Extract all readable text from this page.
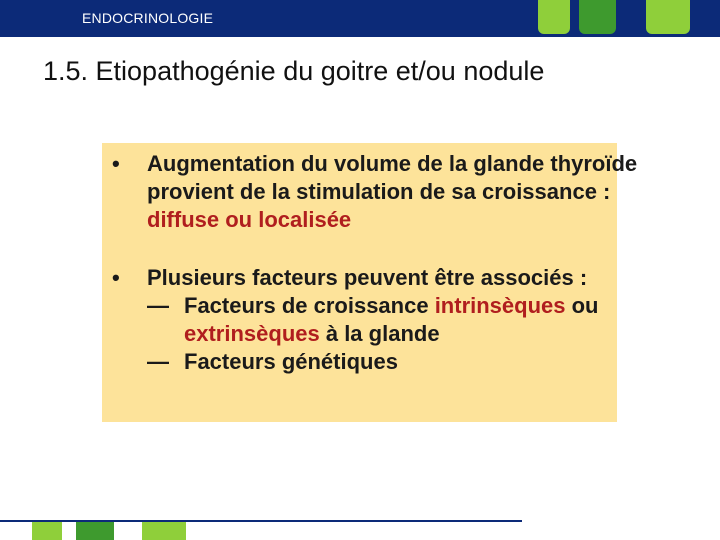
ENDOCRINOLOGIE
1.5. Etiopathogénie du goitre et/ou nodule
• Augmentation du volume de la glande thyroïde provient de la stimulation de sa croissance : diffuse ou localisée
• Plusieurs facteurs peuvent être associés :
— Facteurs de croissance intrinsèques ou extrinsèques à la glande
— Facteurs génétiques
